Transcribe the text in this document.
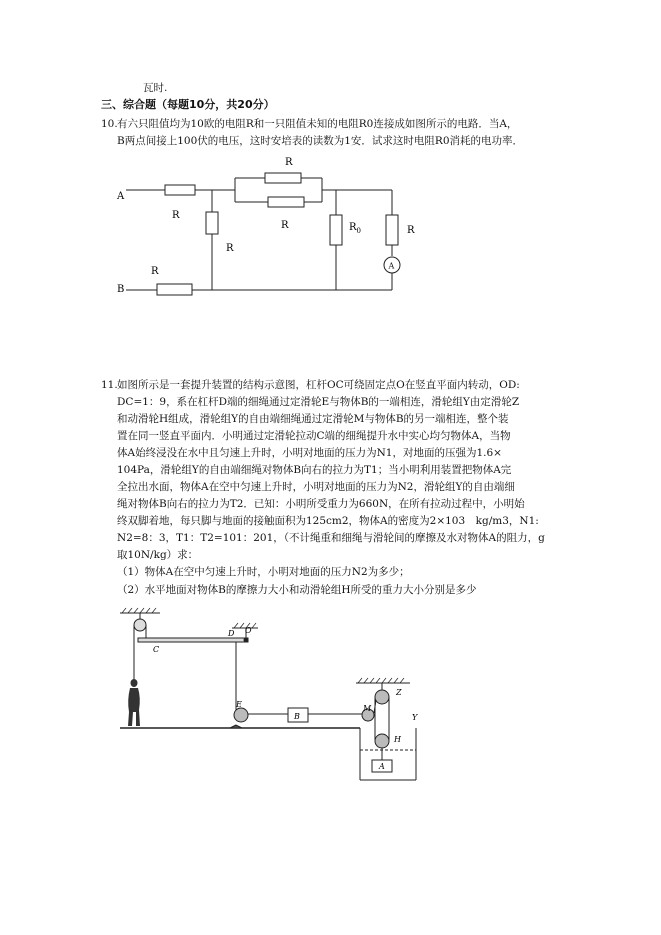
瓦时.
三、综合题（每题10分，共20分）
10. 有六只阻值均为10欧的电阻R和一只阻值未知的电阻R0连接成如图所示的电路．当A，
B两点间接上100伏的电压，这时安培表的读数为1安．试求这时电阻R0消耗的电功率．
A
B
R
R
R
R
R
$R_0$	R
A
11. 如图所示是一套提升装置的结构示意图，杠杆OC可绕固定点O在竖直平面内转动，OD:
DC=1：9，系在杠杆D端的细绳通过定滑轮E与物体B的一端相连，滑轮组Y由定滑轮Z
和动滑轮H组成，滑轮组Y的自由端细绳通过定滑轮M与物体B的另一端相连，整个装
置在同一竖直平面内．小明通过定滑轮拉动C端的细绳提升水中实心均匀物体A，当物
体A始终浸没在水中且匀速上升时，小明对地面的压力为N1，对地面的压强为1.6×
104Pa，滑轮组Y的自由端细绳对物体B向右的拉力为T1；当小明利用装置把物体A完
全拉出水面，物体A在空中匀速上升时，小明对地面的压力为N2，滑轮组Y的自由端细
绳对物体B向右的拉力为T2．已知：小明所受重力为660N，在所有拉动过程中，小明始
终双脚着地，每只脚与地面的接触面积为125cm2，物体A的密度为2×103　kg/m3，N1:
N2=8：3，T1：T2=101：201，（不计绳重和细绳与滑轮间的摩擦及水对物体A的阻力，g
取10N/kg）求：
（1）物体A在空中匀速上升时，小明对地面的压力N2为多少；
（2）水平地面对物体B的摩擦力大小和动滑轮组H所受的重力大小分别是多少
C
D O
E
B
M
Z
Y
H
A
